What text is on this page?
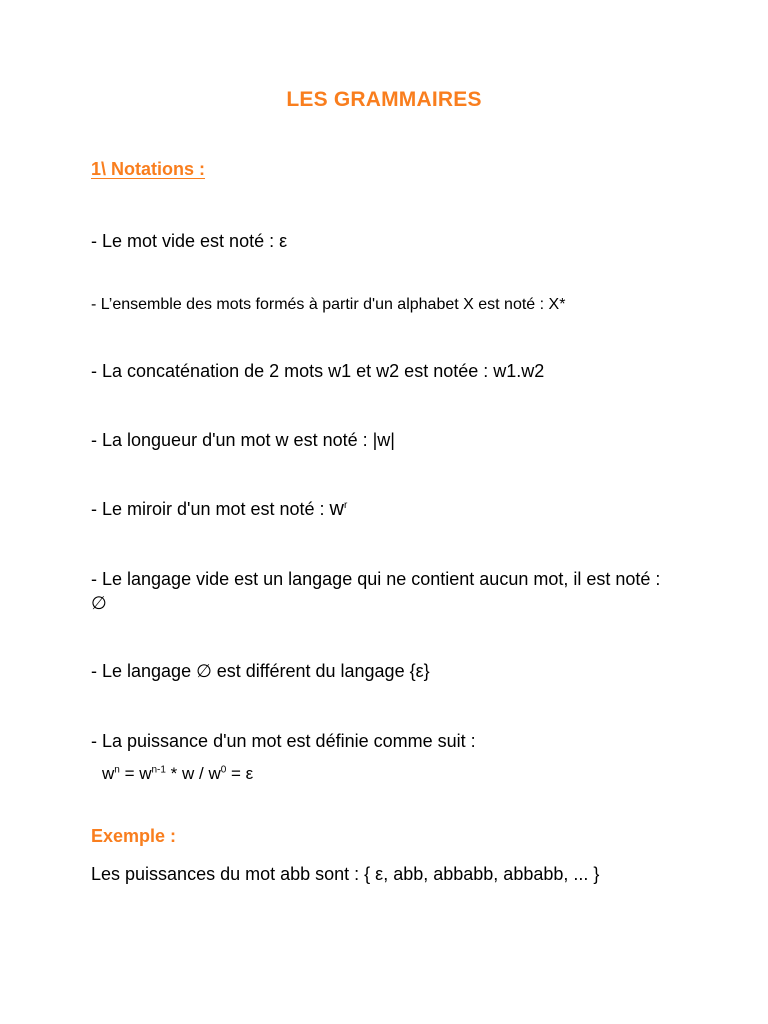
LES GRAMMAIRES
1\ Notations :
- Le mot vide est noté : ε
- L’ensemble des mots formés à partir d'un alphabet X est noté : X*
- La concaténation de 2 mots w1 et w2 est notée : w1.w2
- La longueur d'un mot w est noté : |w|
- Le miroir d'un mot est noté : $w^r$
- Le langage vide est un langage qui ne contient aucun mot, il est noté : ∅
- Le langage ∅ est différent du langage {ε}
- La puissance d'un mot est définie comme suit :
$w^n = w^{n-1} * w / w^0 = \varepsilon$
Exemple :
Les puissances du mot abb sont : { ε, abb, abbabb, abbabb, ... }
